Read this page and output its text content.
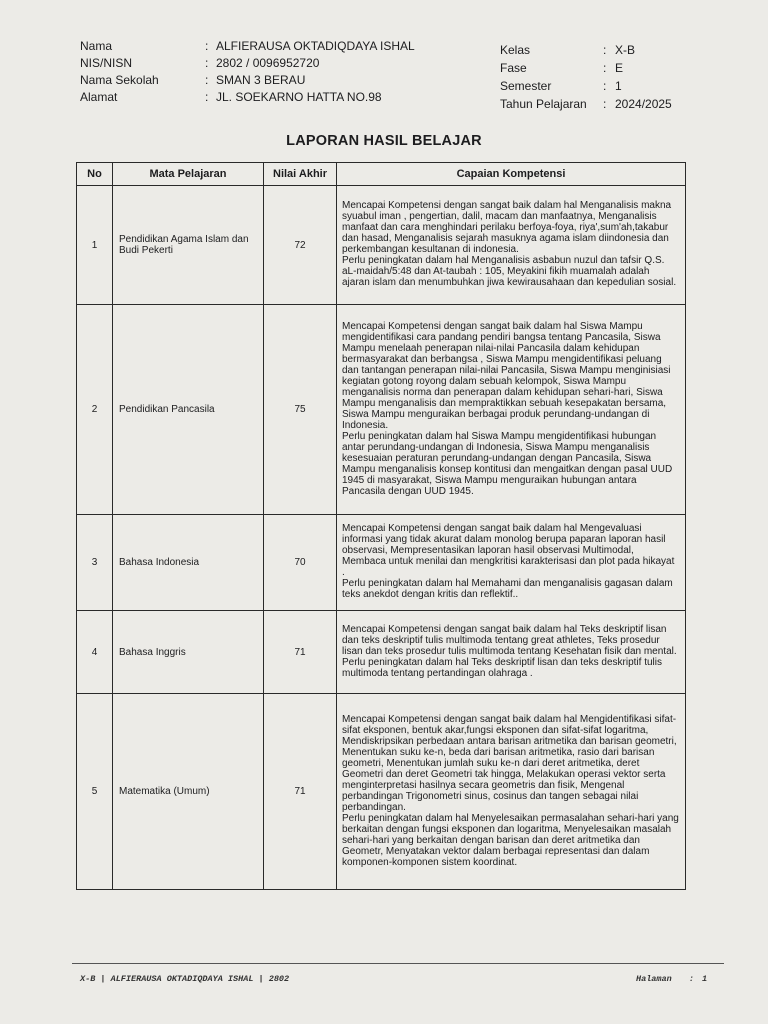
Nama	: ALFIERAUSA OKTADIQDAYA ISHAL
NIS/NISN	: 2802 / 0096952720
Nama Sekolah	: SMAN 3 BERAU
Alamat	: JL. SOEKARNO HATTA NO.98
Kelas	: X-B
Fase	: E
Semester	: 1
Tahun Pelajaran	: 2024/2025
LAPORAN HASIL BELAJAR
No	Mata Pelajaran	Nilai Akhir	Capaian Kompetensi
1	Pendidikan Agama Islam dan Budi Pekerti	72	Mencapai Kompetensi dengan sangat baik dalam hal Menganalisis makna syuabul iman , pengertian, dalil, macam dan manfaatnya, Menganalisis manfaat dan cara menghindari perilaku berfoya-foya, riya',sum'ah,takabur dan hasad, Menganalisis sejarah masuknya agama islam diindonesia dan perkembangan kesultanan di indonesia.
Perlu peningkatan dalam hal Menganalisis asbabun nuzul dan tafsir Q.S. aL-maidah/5:48 dan At-taubah : 105, Meyakini fikih muamalah adalah ajaran islam dan menumbuhkan jiwa kewirausahaan dan kepedulian sosial.

2	Pendidikan Pancasila	75	Mencapai Kompetensi dengan sangat baik dalam hal Siswa Mampu mengidentifikasi cara pandang pendiri bangsa tentang Pancasila, Siswa Mampu menelaah penerapan nilai-nilai Pancasila dalam kehidupan bermasyarakat dan berbangsa , Siswa Mampu mengidentifikasi peluang dan tantangan penerapan nilai-nilai Pancasila, Siswa Mampu menginisiasi kegiatan gotong royong dalam sebuah kelompok, Siswa Mampu menganalisis norma dan penerapan dalam kehidupan sehari-hari, Siswa Mampu menganalisis dan mempraktikkan sebuah kesepakatan bersama, Siswa Mampu menguraikan berbagai produk perundang-undangan di Indonesia.
Perlu peningkatan dalam hal Siswa Mampu mengidentifikasi hubungan antar perundang-undangan di Indonesia, Siswa Mampu menganalisis kesesuaian peraturan perundang-undangan dengan Pancasila, Siswa Mampu menganalisis konsep kontitusi dan mengaitkan dengan pasal UUD 1945 di masyarakat, Siswa Mampu menguraikan hubungan antara Pancasila dengan UUD 1945.

3	Bahasa Indonesia	70	Mencapai Kompetensi dengan sangat baik dalam hal Mengevaluasi informasi yang tidak akurat dalam monolog berupa paparan laporan hasil observasi, Mempresentasikan laporan hasil observasi Multimodal, Membaca untuk menilai dan mengkritisi karakterisasi dan plot pada hikayat .
Perlu peningkatan dalam hal Memahami dan menganalisis gagasan dalam teks anekdot dengan kritis dan reflektif..

4	Bahasa Inggris	71	Mencapai Kompetensi dengan sangat baik dalam hal Teks deskriptif lisan dan teks deskriptif tulis multimoda tentang great athletes, Teks prosedur lisan dan teks prosedur tulis multimoda tentang Kesehatan fisik dan mental.
Perlu peningkatan dalam hal Teks deskriptif lisan dan teks deskriptif tulis multimoda tentang pertandingan olahraga .

5	Matematika (Umum)	71	Mencapai Kompetensi dengan sangat baik dalam hal Mengidentifikasi sifat-sifat eksponen, bentuk akar,fungsi eksponen dan sifat-sifat logaritma, Mendiskripsikan perbedaan antara barisan aritmetika dan barisan geometri, Menentukan suku ke-n, beda dari barisan aritmetika, rasio dari barisan geometri, Menentukan jumlah suku ke-n dari deret aritmetika, deret Geometri dan deret Geometri tak hingga, Melakukan operasi vektor serta menginterpretasi hasilnya secara geometris dan fisik, Mengenal perbandingan Trigonometri sinus, cosinus dan tangen sebagai nilai perbandingan.
Perlu peningkatan dalam hal Menyelesaikan permasalahan sehari-hari yang berkaitan dengan fungsi eksponen dan logaritma, Menyelesaikan masalah sehari-hari yang berkaitan dengan barisan dan deret aritmetika dan Geometr, Menyatakan vektor dalam berbagai representasi dan dalam komponen-komponen sistem koordinat.
X-B | ALFIERAUSA OKTADIQDAYA ISHAL | 2802	Halaman : 1
